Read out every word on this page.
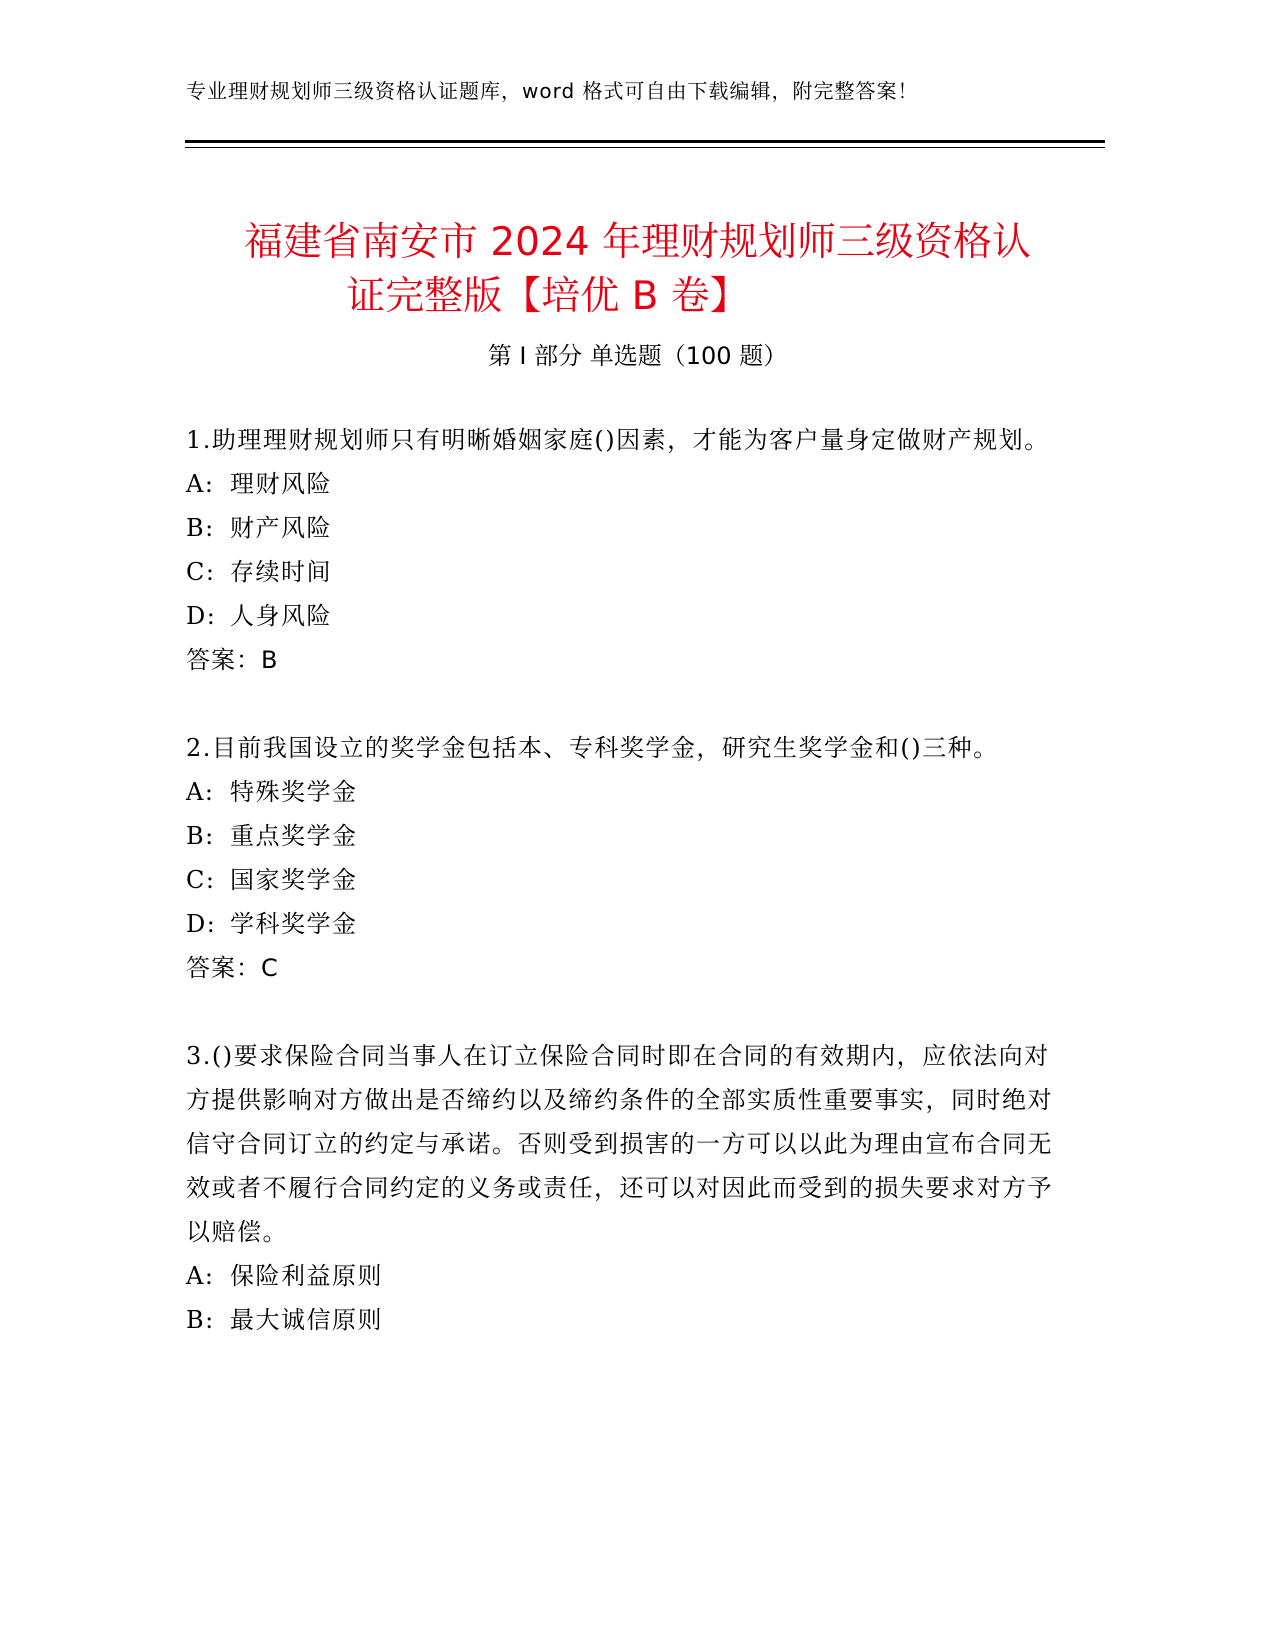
专业理财规划师三级资格认证题库，word 格式可自由下载编辑，附完整答案！
福建省南安市 2024 年理财规划师三级资格认
证完整版【培优 B 卷】
第 I 部分 单选题（100 题）
1.助理理财规划师只有明晰婚姻家庭()因素，才能为客户量身定做财产规划。
A: 理财风险
B: 财产风险
C: 存续时间
D: 人身风险
答案：B
2.目前我国设立的奖学金包括本、专科奖学金，研究生奖学金和()三种。
A: 特殊奖学金
B: 重点奖学金
C: 国家奖学金
D: 学科奖学金
答案：C
3.()要求保险合同当事人在订立保险合同时即在合同的有效期内，应依法向对方提供影响对方做出是否缔约以及缔约条件的全部实质性重要事实，同时绝对信守合同订立的约定与承诺。否则受到损害的一方可以以此为理由宣布合同无效或者不履行合同约定的义务或责任，还可以对因此而受到的损失要求对方予以赔偿。
A: 保险利益原则
B: 最大诚信原则
